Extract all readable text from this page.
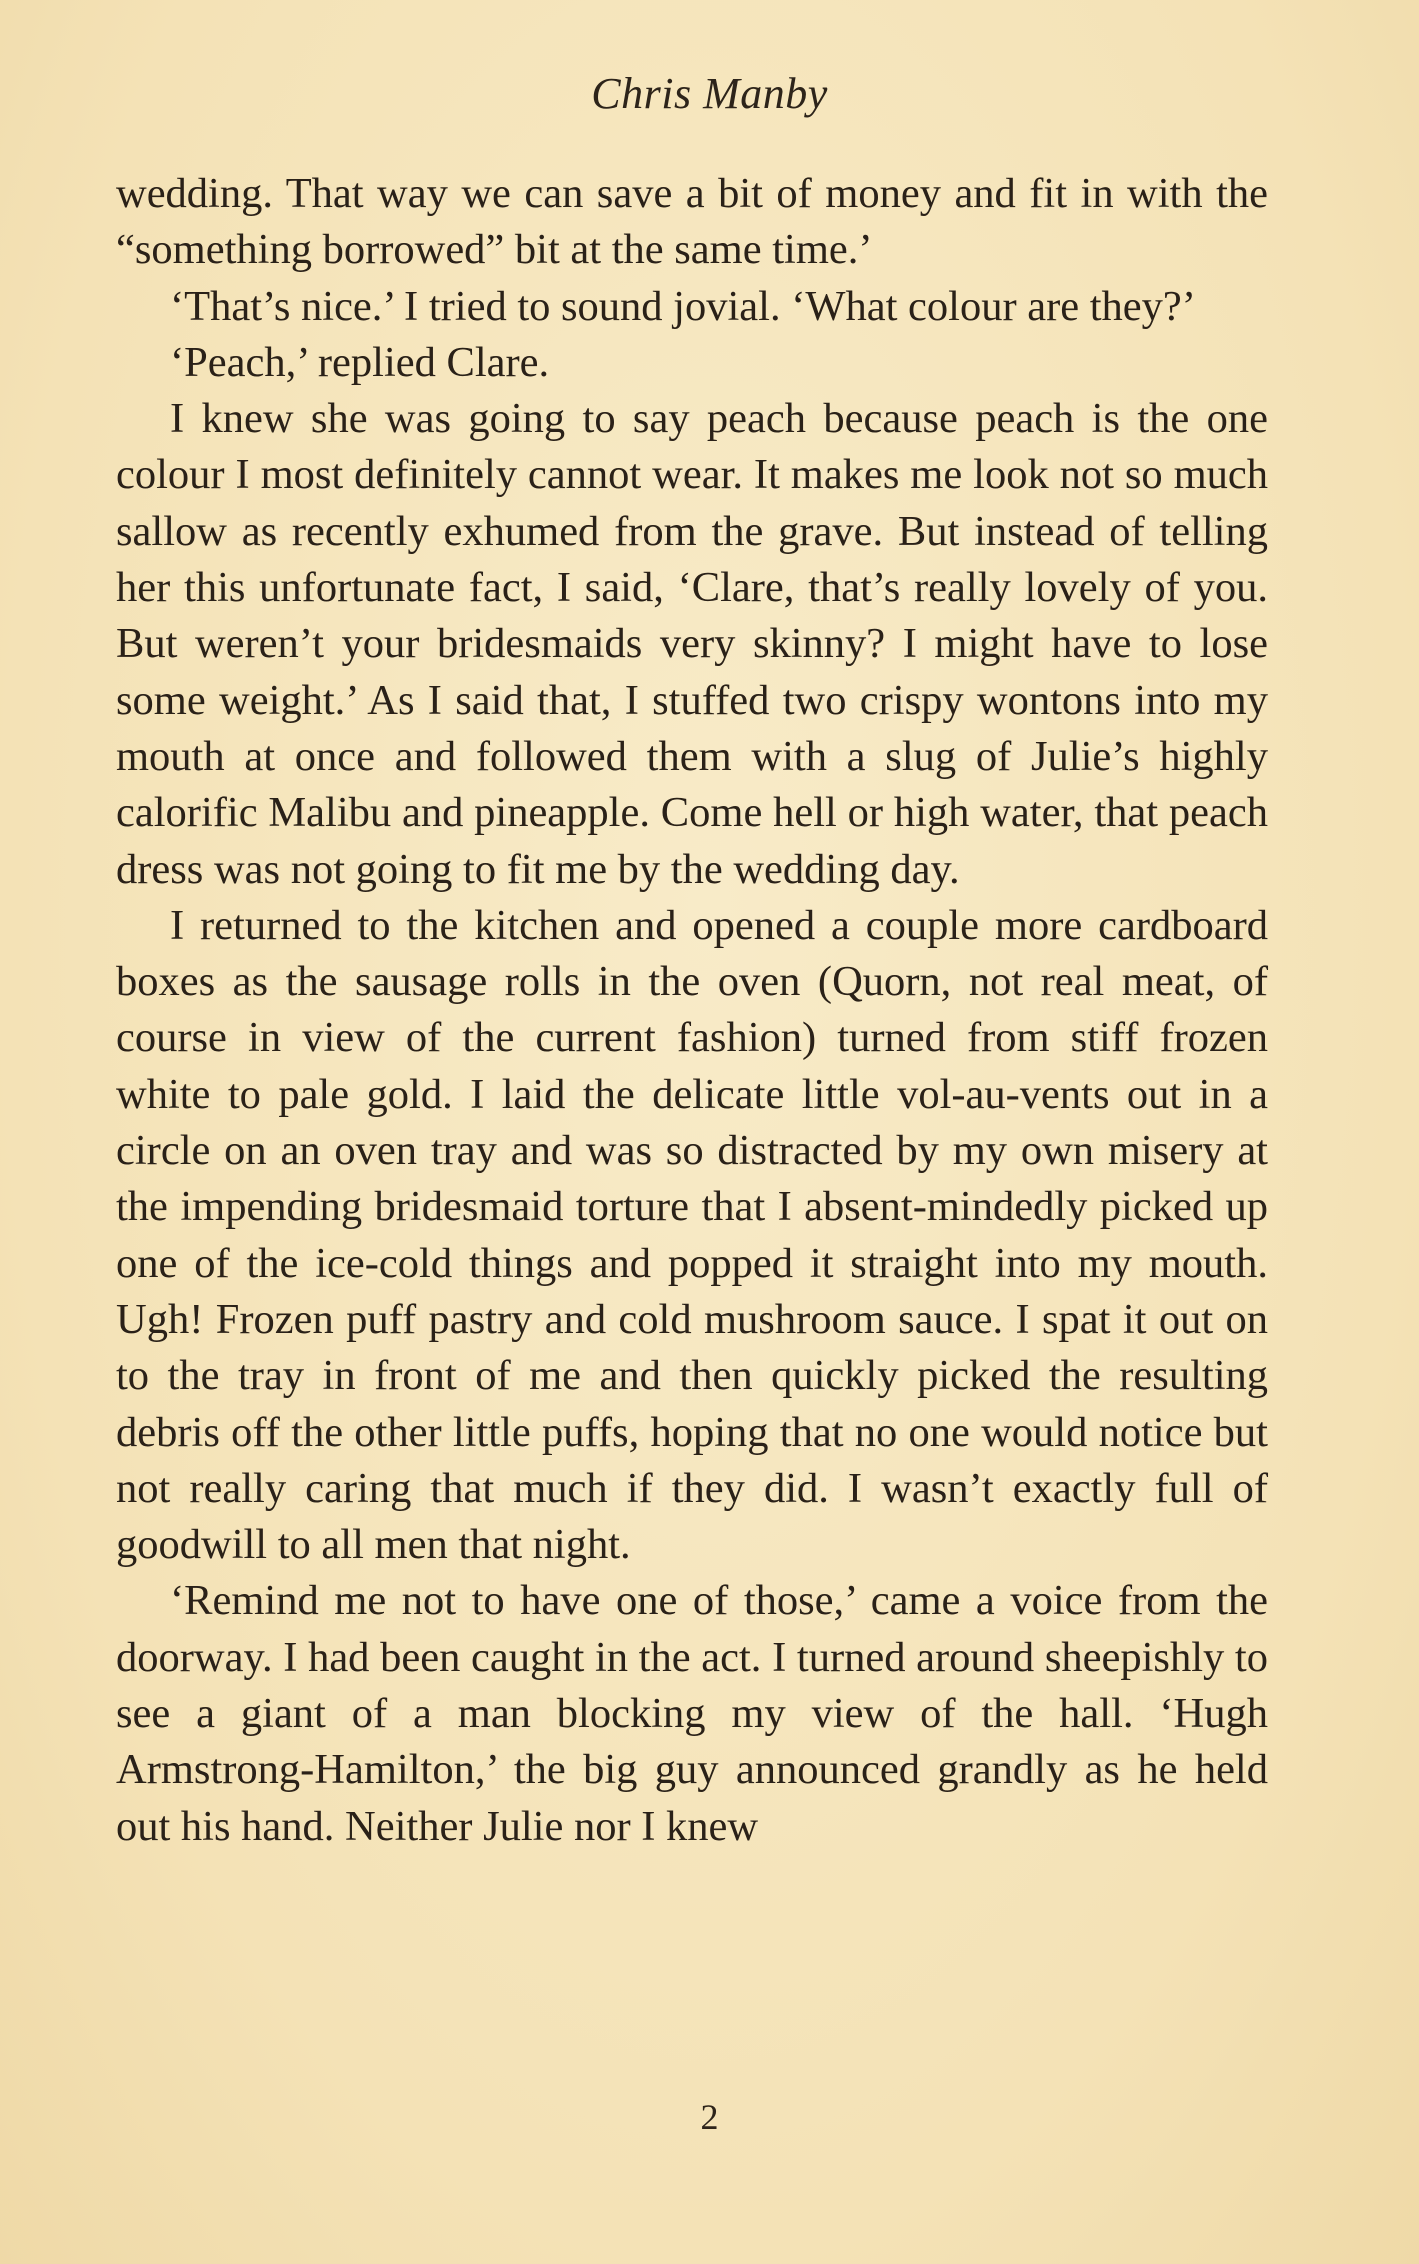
Chris Manby

wedding. That way we can save a bit of money and fit in with the “something borrowed” bit at the same time.’

‘That’s nice.’ I tried to sound jovial. ‘What colour are they?’

‘Peach,’ replied Clare.

I knew she was going to say peach because peach is the one colour I most definitely cannot wear. It makes me look not so much sallow as recently exhumed from the grave. But instead of telling her this unfortunate fact, I said, ‘Clare, that’s really lovely of you. But weren’t your bridesmaids very skinny? I might have to lose some weight.’ As I said that, I stuffed two crispy wontons into my mouth at once and followed them with a slug of Julie’s highly calorific Malibu and pineapple. Come hell or high water, that peach dress was not going to fit me by the wedding day.

I returned to the kitchen and opened a couple more cardboard boxes as the sausage rolls in the oven (Quorn, not real meat, of course in view of the current fashion) turned from stiff frozen white to pale gold. I laid the delicate little vol-au-vents out in a circle on an oven tray and was so distracted by my own misery at the impending bridesmaid torture that I absent-mindedly picked up one of the ice-cold things and popped it straight into my mouth. Ugh! Frozen puff pastry and cold mushroom sauce. I spat it out on to the tray in front of me and then quickly picked the resulting debris off the other little puffs, hoping that no one would notice but not really caring that much if they did. I wasn’t exactly full of goodwill to all men that night.

‘Remind me not to have one of those,’ came a voice from the doorway. I had been caught in the act. I turned around sheepishly to see a giant of a man blocking my view of the hall. ‘Hugh Armstrong-Hamilton,’ the big guy announced grandly as he held out his hand. Neither Julie nor I knew

2
